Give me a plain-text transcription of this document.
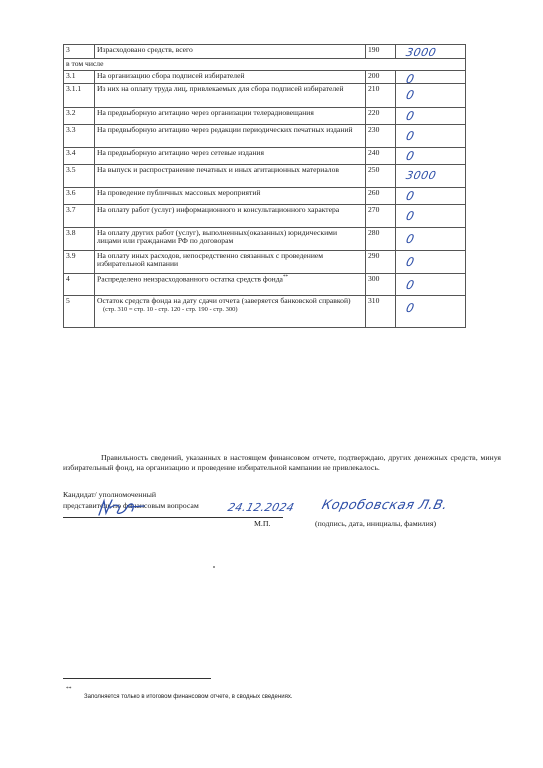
3	Израсходовано средств, всего	190	3000

в том числе			
3.1	На организацию сбора подписей избирателей	200	0

3.1.1	Из них на оплату труда лиц, привлекаемых для сбора подписей избирателей	210	0

3.2	На предвыборную агитацию через организации телерадиовещания	220	0

3.3	На предвыборную агитацию через редакции периодических печатных изданий	230	0

3.4	На предвыборную агитацию через сетевые издания	240	0

3.5	На выпуск и распространение печатных и иных агитационных материалов	250	3000

3.6	На проведение публичных массовых мероприятий	260	0

3.7	На оплату работ (услуг) информационного и консультационного характера	270	0

3.8	На оплату других работ (услуг), выполненных(оказанных) юридическими лицами или гражданами РФ по договорам	280	0

3.9	На оплату иных расходов, непосредственно связанных с проведением избирательной кампании	290	0

4	Распределено неизрасходованного остатка средств фонда**	300	0

5	Остаток средств фонда на дату сдачи отчета (заверяется банковской справкой) (стр. 310 = стр. 10 - стр. 120 - стр. 190 - стр. 300)	310	0

Правильность сведений, указанных в настоящем финансовом отчете, подтверждаю, других денежных средств, минуя избирательный фонд, на организацию и проведение избирательной кампании не привлекалось.

Кандидат/ уполномоченный
представитель по финансовым вопросам	24.12.2024 Коробовская Л.В.
М.П.	(подпись, дата, инициалы, фамилия)
**
Заполняется только в итоговом финансовом отчете, в сводных сведениях.
